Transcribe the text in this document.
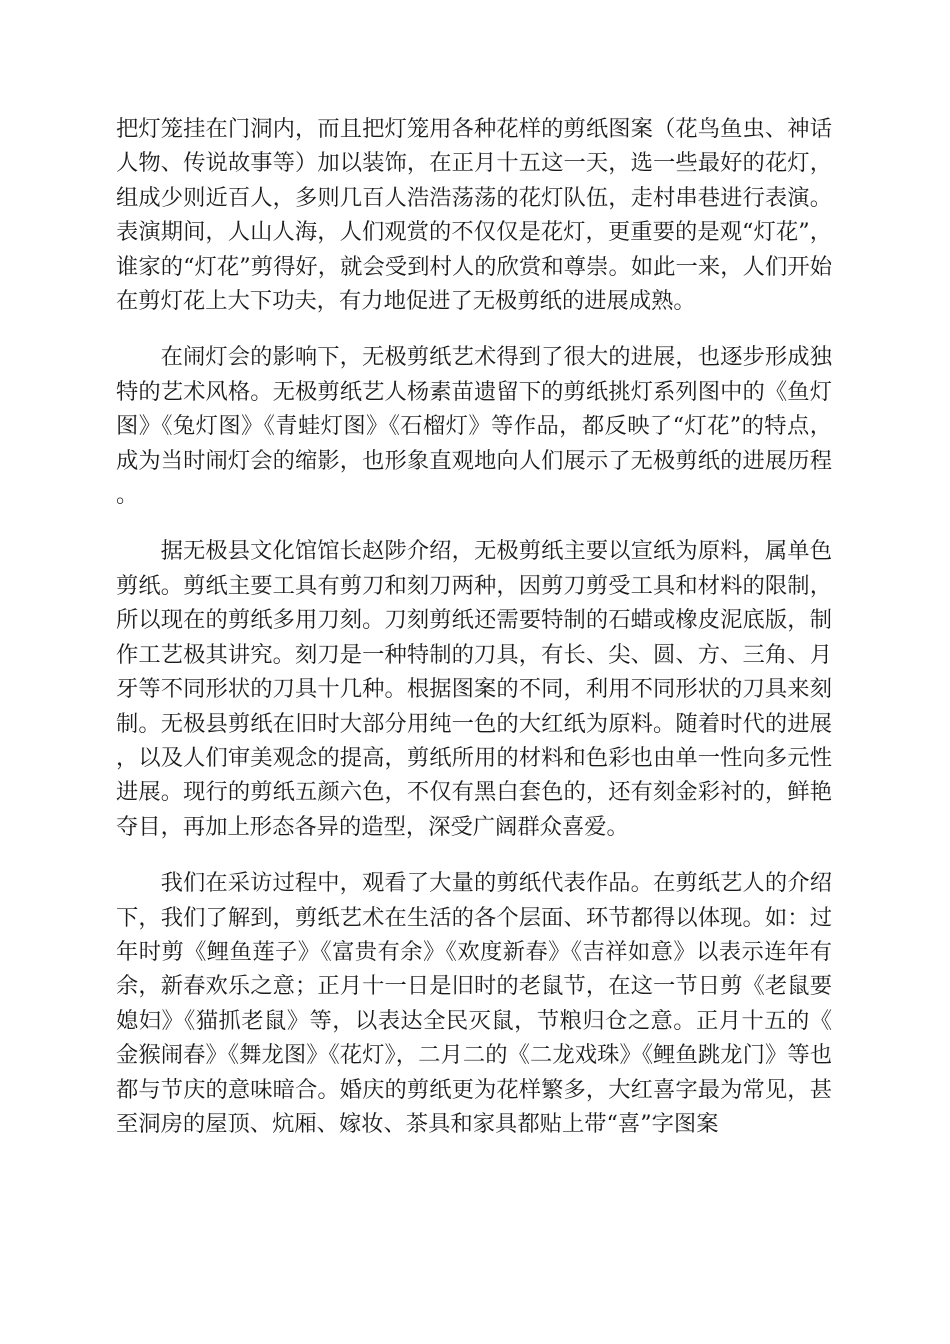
把灯笼挂在门洞内，而且把灯笼用各种花样的剪纸图案（花鸟鱼虫、神话人物、传说故事等）加以装饰，在正月十五这一天，选一些最好的花灯，组成少则近百人，多则几百人浩浩荡荡的花灯队伍，走村串巷进行表演。表演期间，人山人海，人们观赏的不仅仅是花灯，更重要的是观“灯花”，谁家的“灯花”剪得好，就会受到村人的欣赏和尊崇。如此一来，人们开始在剪灯花上大下功夫，有力地促进了无极剪纸的进展成熟。

在闹灯会的影响下，无极剪纸艺术得到了很大的进展，也逐步形成独特的艺术风格。无极剪纸艺人杨素苗遗留下的剪纸挑灯系列图中的《鱼灯图》《兔灯图》《青蛙灯图》《石榴灯》等作品，都反映了“灯花”的特点，成为当时闹灯会的缩影，也形象直观地向人们展示了无极剪纸的进展历程。

据无极县文化馆馆长赵陟介绍，无极剪纸主要以宣纸为原料，属单色剪纸。剪纸主要工具有剪刀和刻刀两种，因剪刀剪受工具和材料的限制，所以现在的剪纸多用刀刻。刀刻剪纸还需要特制的石蜡或橡皮泥底版，制作工艺极其讲究。刻刀是一种特制的刀具，有长、尖、圆、方、三角、月牙等不同形状的刀具十几种。根据图案的不同，利用不同形状的刀具来刻制。无极县剪纸在旧时大部分用纯一色的大红纸为原料。随着时代的进展，以及人们审美观念的提高，剪纸所用的材料和色彩也由单一性向多元性进展。现行的剪纸五颜六色，不仅有黑白套色的，还有刻金彩衬的，鲜艳夺目，再加上形态各异的造型，深受广阔群众喜爱。

我们在采访过程中，观看了大量的剪纸代表作品。在剪纸艺人的介绍下，我们了解到，剪纸艺术在生活的各个层面、环节都得以体现。如：过年时剪《鲤鱼莲子》《富贵有余》《欢度新春》《吉祥如意》以表示连年有余，新春欢乐之意；正月十一日是旧时的老鼠节，在这一节日剪《老鼠要媳妇》《猫抓老鼠》等，以表达全民灭鼠，节粮归仓之意。正月十五的《金猴闹春》《舞龙图》《花灯》，二月二的《二龙戏珠》《鲤鱼跳龙门》等也都与节庆的意味暗合。婚庆的剪纸更为花样繁多，大红喜字最为常见，甚至洞房的屋顶、炕厢、嫁妆、茶具和家具都贴上带“喜”字图案
